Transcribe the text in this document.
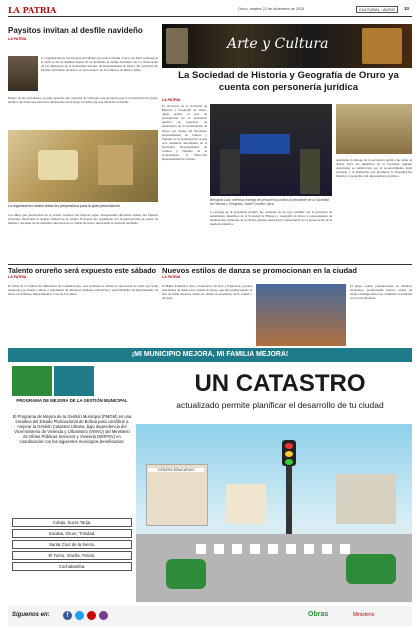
LA PATRIA	Oruro, martes 22 de diciembre de 2015	CULTURAL - AVISO	10
Paysitos invitan al desfile navideño
LA PATRIA
La organización de los Paysitos del Mundo (la Gran Cofradía 'Cruce con Dios' realizará en el salón el día de mañana martes 22 de diciembre el desfile navideño con la colaboración de los danzarines de la fraternidad Antonio de Departamental de Oruro. En actividad del Pesebre del Pueblo de Oruro, el cual contará con la comparsa de niños y niñas.
Dentro de las actividades, se pudo apreciar una caravana de vehículos que sirvieron para la presentación del grupo artístico que tiene una estructura del Pesebre en su hogar los niños que son invitados al desfile.
La organización realizó todos los preparativos para la gran presentación.
Los niños que participaron en el evento, lucieron sus mejores trajes, interpretando diferentes danzas del folklore boliviano, mostrando la riqueza cultural de la ciudad. El evento fue organizado con la participación de padres de familia y docentes de las unidades educativas de la ciudad de Oruro, destacando la tradición navideña.
Arte y Cultura
La Sociedad de Historia y Geografía de Oruro ya cuenta con personería jurídica
LA PATRIA
El directorio de la Sociedad de Historia y Geografía de Oruro, quien recibió el acto de presentación de la personería jurídica en presencia de autoridades de la Gobernación de Oruro, por medio del Secretario Departamental de Cultura y Turismo de la Gobernación. A este acto asistieron autoridades de la Secretaría Departamental de Cultura y Turismo de la Gobernación, la Dirección Departamental de Cultura.
Bernardo Lara, mientras entrega de personería jurídica al presidente de la Sociedad de Historia y Geografía, Jaime Cordero Vaca.
La entrega de la personería jurídica fue realizada en un acto solemne con la presencia de autoridades, miembros de la Sociedad de Historia y Geografía de Oruro y representantes de instituciones culturales de la ciudad, quienes destacaron la importancia de la preservación de la memoria histórica.
Asimismo la entrega de la personería jurídica fue tema de debate entre los miembros de la Sociedad, quienes expresaron su satisfacción por el reconocimiento legal otorgado a la institución que promueve la investigación histórica y geográfica del departamento de Oruro.
Talento orureño será expuesto este sábado
LA PATRIA
El Salón de la Cultura del Ministerio de Comunicación, será realizado el sábado la exposición de obras que serán expuestas por artistas, talleres y estudiantes de diferentes unidades educativas y especialidades del Departamento de Oruro en el Museo Departamental, Casa de la Cultura.
Nuevos estilos de danza se promocionan en la ciudad
LA PATRIA
El Ballet Folklórico Arte y Expresión con Arte y Expresión, jóvenes estudiantes de danza en la ciudad de Oruro, que han promocionado el arte de bailar diversos estilos de danza en escenarios de la ciudad y del país.
El grupo realiza presentaciones en distintos escenarios, promoviendo nuevos estilos de danza contemporánea que combinan la tradición con el arte moderno.
¡MI MUNICIPIO MEJORA, MI FAMILIA MEJORA!
PROGRAMA DE MEJORA DE LA GESTIÓN MUNICIPAL
El Programa de Mejora de la Gestión Municipal (PMGM) es una iniciativa del Estado Plurinacional de Bolivia para contribuir a mejorar la Gestión Catastral Urbana, bajo dependencia del Viceministerio de Vivienda y Urbanismo (VMVU) del Ministerio de Obras Públicas Servicios y Vivienda (MOPSV) en coordinación con los siguientes municipios beneficiarios:
Cobija, Sucre,Tarija,
Sacaba, Oruro, Trinidad,
Santa Cruz de la Sierra,
El Torno, Viacha, Potosí,
Cochabamba.
UN CATASTRO
actualizado permite planificar el desarrollo de tu ciudad
CENTRO EDUCATIVO
Síguenos en:	f	Obras	Ministerio
